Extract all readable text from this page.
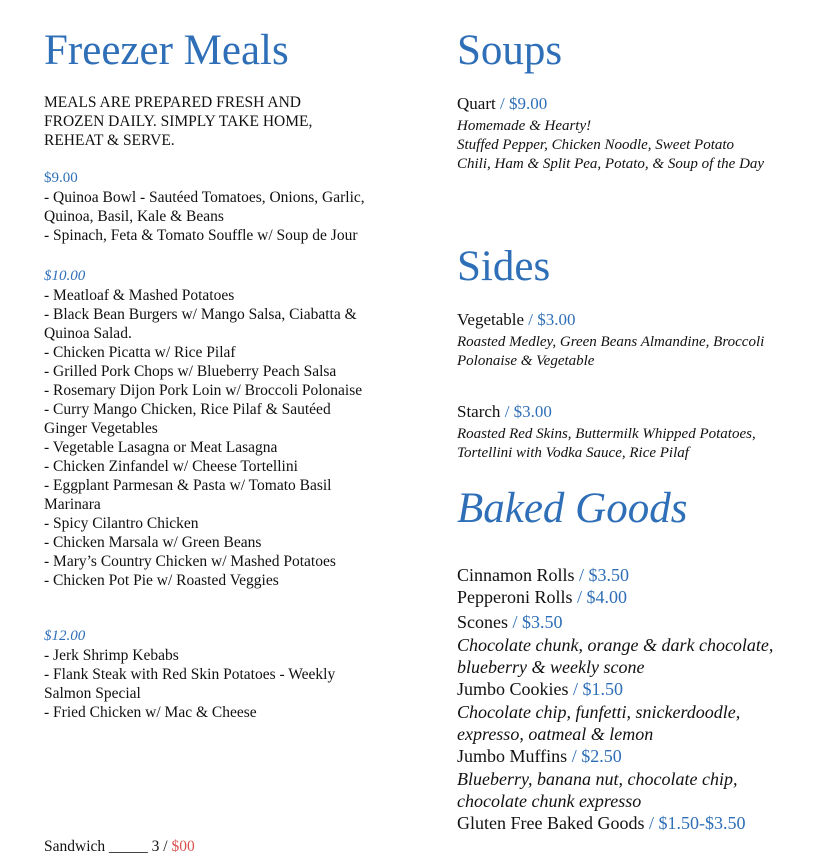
Freezer Meals
MEALS ARE PREPARED FRESH AND FROZEN DAILY. SIMPLY TAKE HOME, REHEAT & SERVE.
$9.00
- Quinoa Bowl - Sautéed Tomatoes, Onions, Garlic, Quinoa, Basil, Kale & Beans
- Spinach, Feta & Tomato Souffle w/ Soup de Jour
$10.00
- Meatloaf & Mashed Potatoes
- Black Bean Burgers w/ Mango Salsa, Ciabatta & Quinoa Salad.
- Chicken Picatta w/ Rice Pilaf
- Grilled Pork Chops w/ Blueberry Peach Salsa
- Rosemary Dijon Pork Loin w/ Broccoli Polonaise
- Curry Mango Chicken, Rice Pilaf & Sautéed Ginger Vegetables
- Vegetable Lasagna or Meat Lasagna
- Chicken Zinfandel w/ Cheese Tortellini
- Eggplant Parmesan & Pasta w/ Tomato Basil Marinara
- Spicy Cilantro Chicken
- Chicken Marsala w/ Green Beans
- Mary’s Country Chicken w/ Mashed Potatoes
- Chicken Pot Pie w/ Roasted Veggies
$12.00
- Jerk Shrimp Kebabs
- Flank Steak with Red Skin Potatoes - Weekly Salmon Special
- Fried Chicken w/ Mac & Cheese
Sandwich _____ 3 / $00
Soups
Quart / $9.00
Homemade & Hearty!
Stuffed Pepper, Chicken Noodle, Sweet Potato Chili, Ham & Split Pea, Potato, & Soup of the Day
Sides
Vegetable / $3.00
Roasted Medley, Green Beans Almandine, Broccoli Polonaise & Vegetable
Starch / $3.00
Roasted Red Skins, Buttermilk Whipped Potatoes, Tortellini with Vodka Sauce, Rice Pilaf
Baked Goods
Cinnamon Rolls / $3.50
Pepperoni Rolls / $4.00
Scones / $3.50
Chocolate chunk, orange & dark chocolate, blueberry & weekly scone
Jumbo Cookies / $1.50
Chocolate chip, funfetti, snickerdoodle, expresso, oatmeal & lemon
Jumbo Muffins / $2.50
Blueberry, banana nut, chocolate chip, chocolate chunk expresso
Gluten Free Baked Goods / $1.50-$3.50
